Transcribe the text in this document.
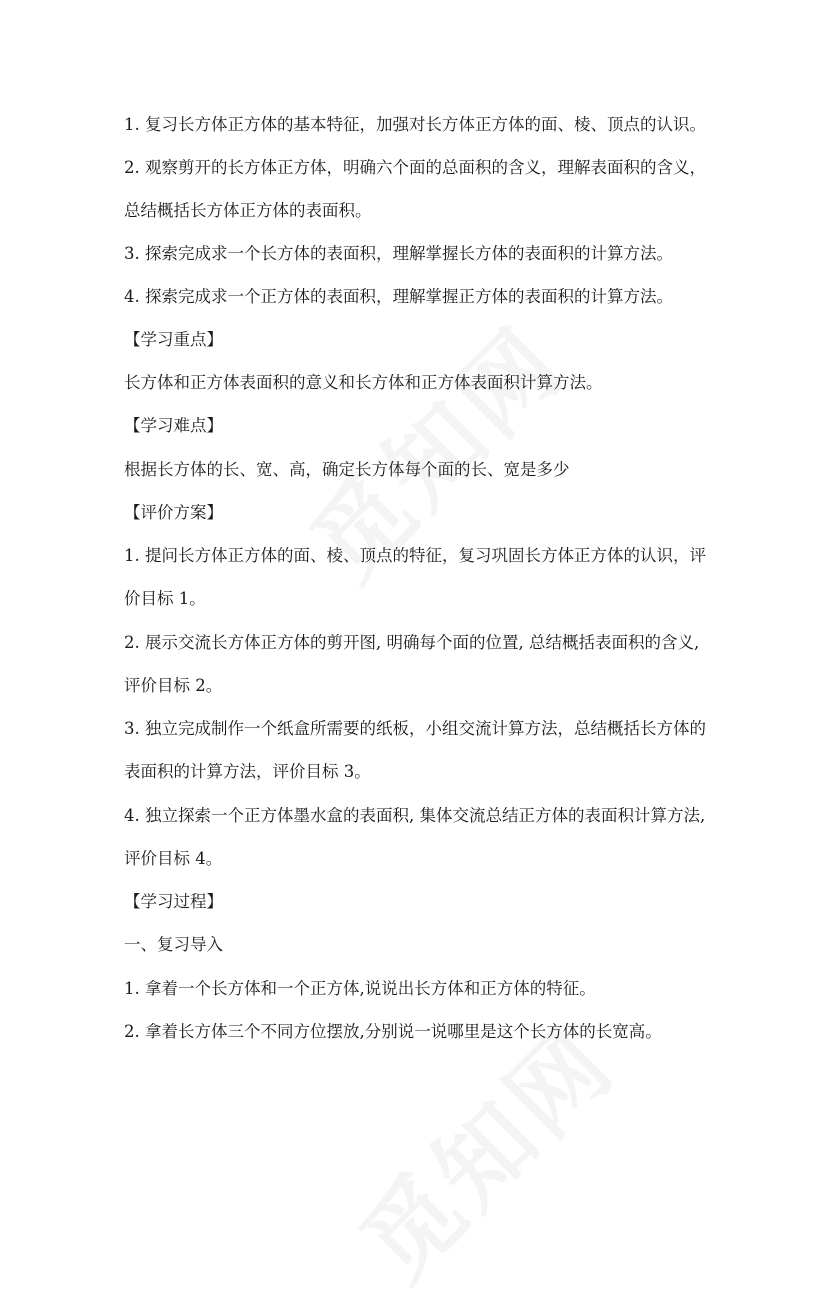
1. 复习长方体正方体的基本特征，加强对长方体正方体的面、棱、顶点的认识。
2. 观察剪开的长方体正方体，明确六个面的总面积的含义，理解表面积的含义，
总结概括长方体正方体的表面积。
3. 探索完成求一个长方体的表面积，理解掌握长方体的表面积的计算方法。
4. 探索完成求一个正方体的表面积，理解掌握正方体的表面积的计算方法。
【学习重点】
长方体和正方体表面积的意义和长方体和正方体表面积计算方法。
【学习难点】
根据长方体的长、宽、高，确定长方体每个面的长、宽是多少
【评价方案】
1. 提问长方体正方体的面、棱、顶点的特征，复习巩固长方体正方体的认识，评
价目标 1。
2. 展示交流长方体正方体的剪开图, 明确每个面的位置, 总结概括表面积的含义,
评价目标 2。
3. 独立完成制作一个纸盒所需要的纸板，小组交流计算方法，总结概括长方体的
表面积的计算方法，评价目标 3。
4. 独立探索一个正方体墨水盒的表面积, 集体交流总结正方体的表面积计算方法,
评价目标 4。
【学习过程】
一、复习导入
1. 拿着一个长方体和一个正方体,说说出长方体和正方体的特征。
2. 拿着长方体三个不同方位摆放,分别说一说哪里是这个长方体的长宽高。
